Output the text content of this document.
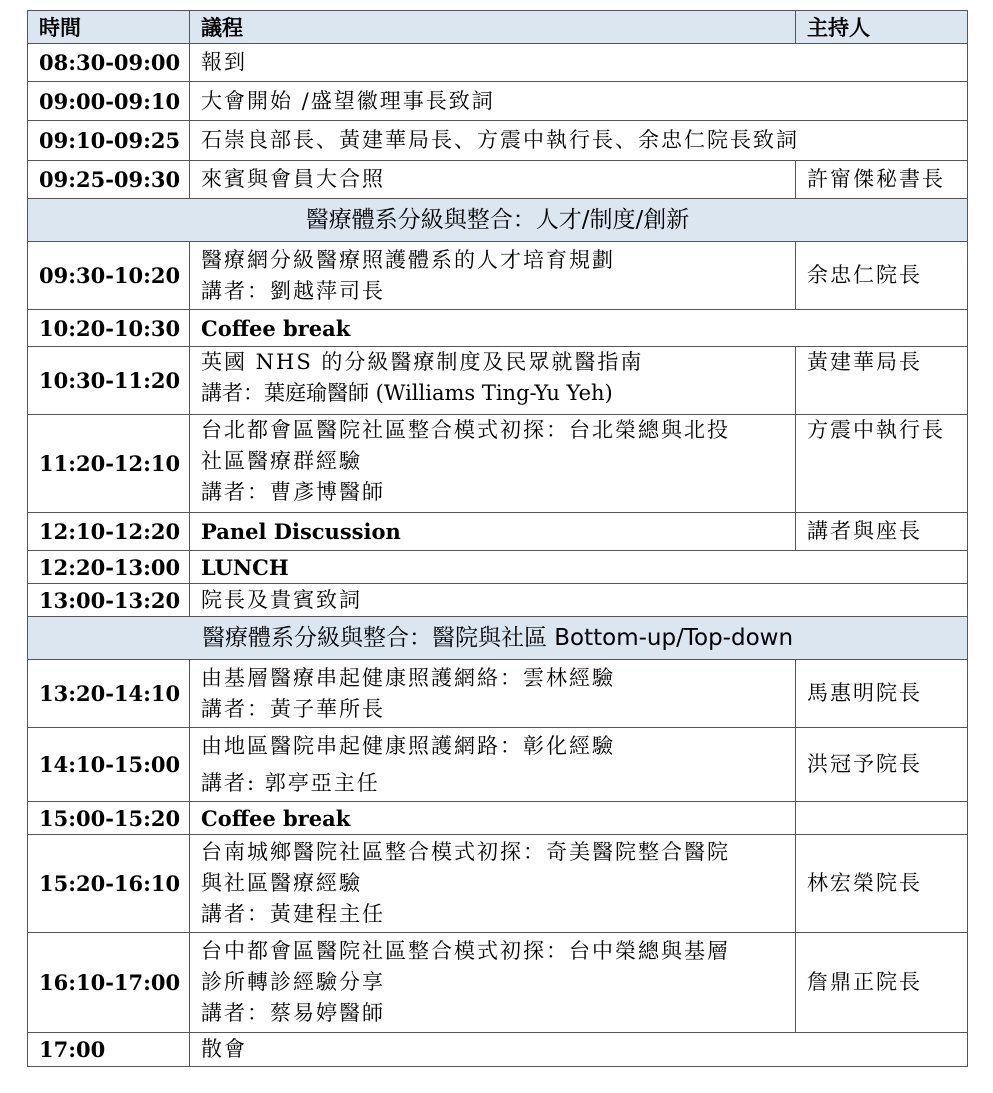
時間	議程	主持人
08:30-09:00	報到	

09:00-09:10	大會開始 /盛望徽理事長致詞	

09:10-09:25	石崇良部長、黃建華局長、方震中執行長、余忠仁院長致詞	

09:25-09:30	來賓與會員大合照	許甯傑秘書長

醫療體系分級與整合：人才/制度/創新		
09:30-10:20	醫療網分級醫療照護體系的人才培育規劃
講者：劉越萍司長	余忠仁院長

10:20-10:30	Coffee break	

10:30-11:20	英國 NHS 的分級醫療制度及民眾就醫指南
講者：葉庭瑜醫師 (Williams Ting-Yu Yeh)	黃建華局長

11:20-12:10	台北都會區醫院社區整合模式初探：台北榮總與北投
社區醫療群經驗
講者：曹彥博醫師	方震中執行長

12:10-12:20	Panel Discussion	講者與座長

12:20-13:00	LUNCH	

13:00-13:20	院長及貴賓致詞	

醫療體系分級與整合：醫院與社區 Bottom-up/Top-down		
13:20-14:10	由基層醫療串起健康照護網絡：雲林經驗
講者：黃子華所長	馬惠明院長

14:10-15:00	由地區醫院串起健康照護網路：彰化經驗
講者: 郭亭亞主任	洪冠予院長

15:00-15:20	Coffee break	

15:20-16:10	台南城鄉醫院社區整合模式初探：奇美醫院整合醫院
與社區醫療經驗
講者：黃建程主任	林宏榮院長

16:10-17:00	台中都會區醫院社區整合模式初探：台中榮總與基層
診所轉診經驗分享
講者：蔡易婷醫師	詹鼎正院長

17:00	散會	
